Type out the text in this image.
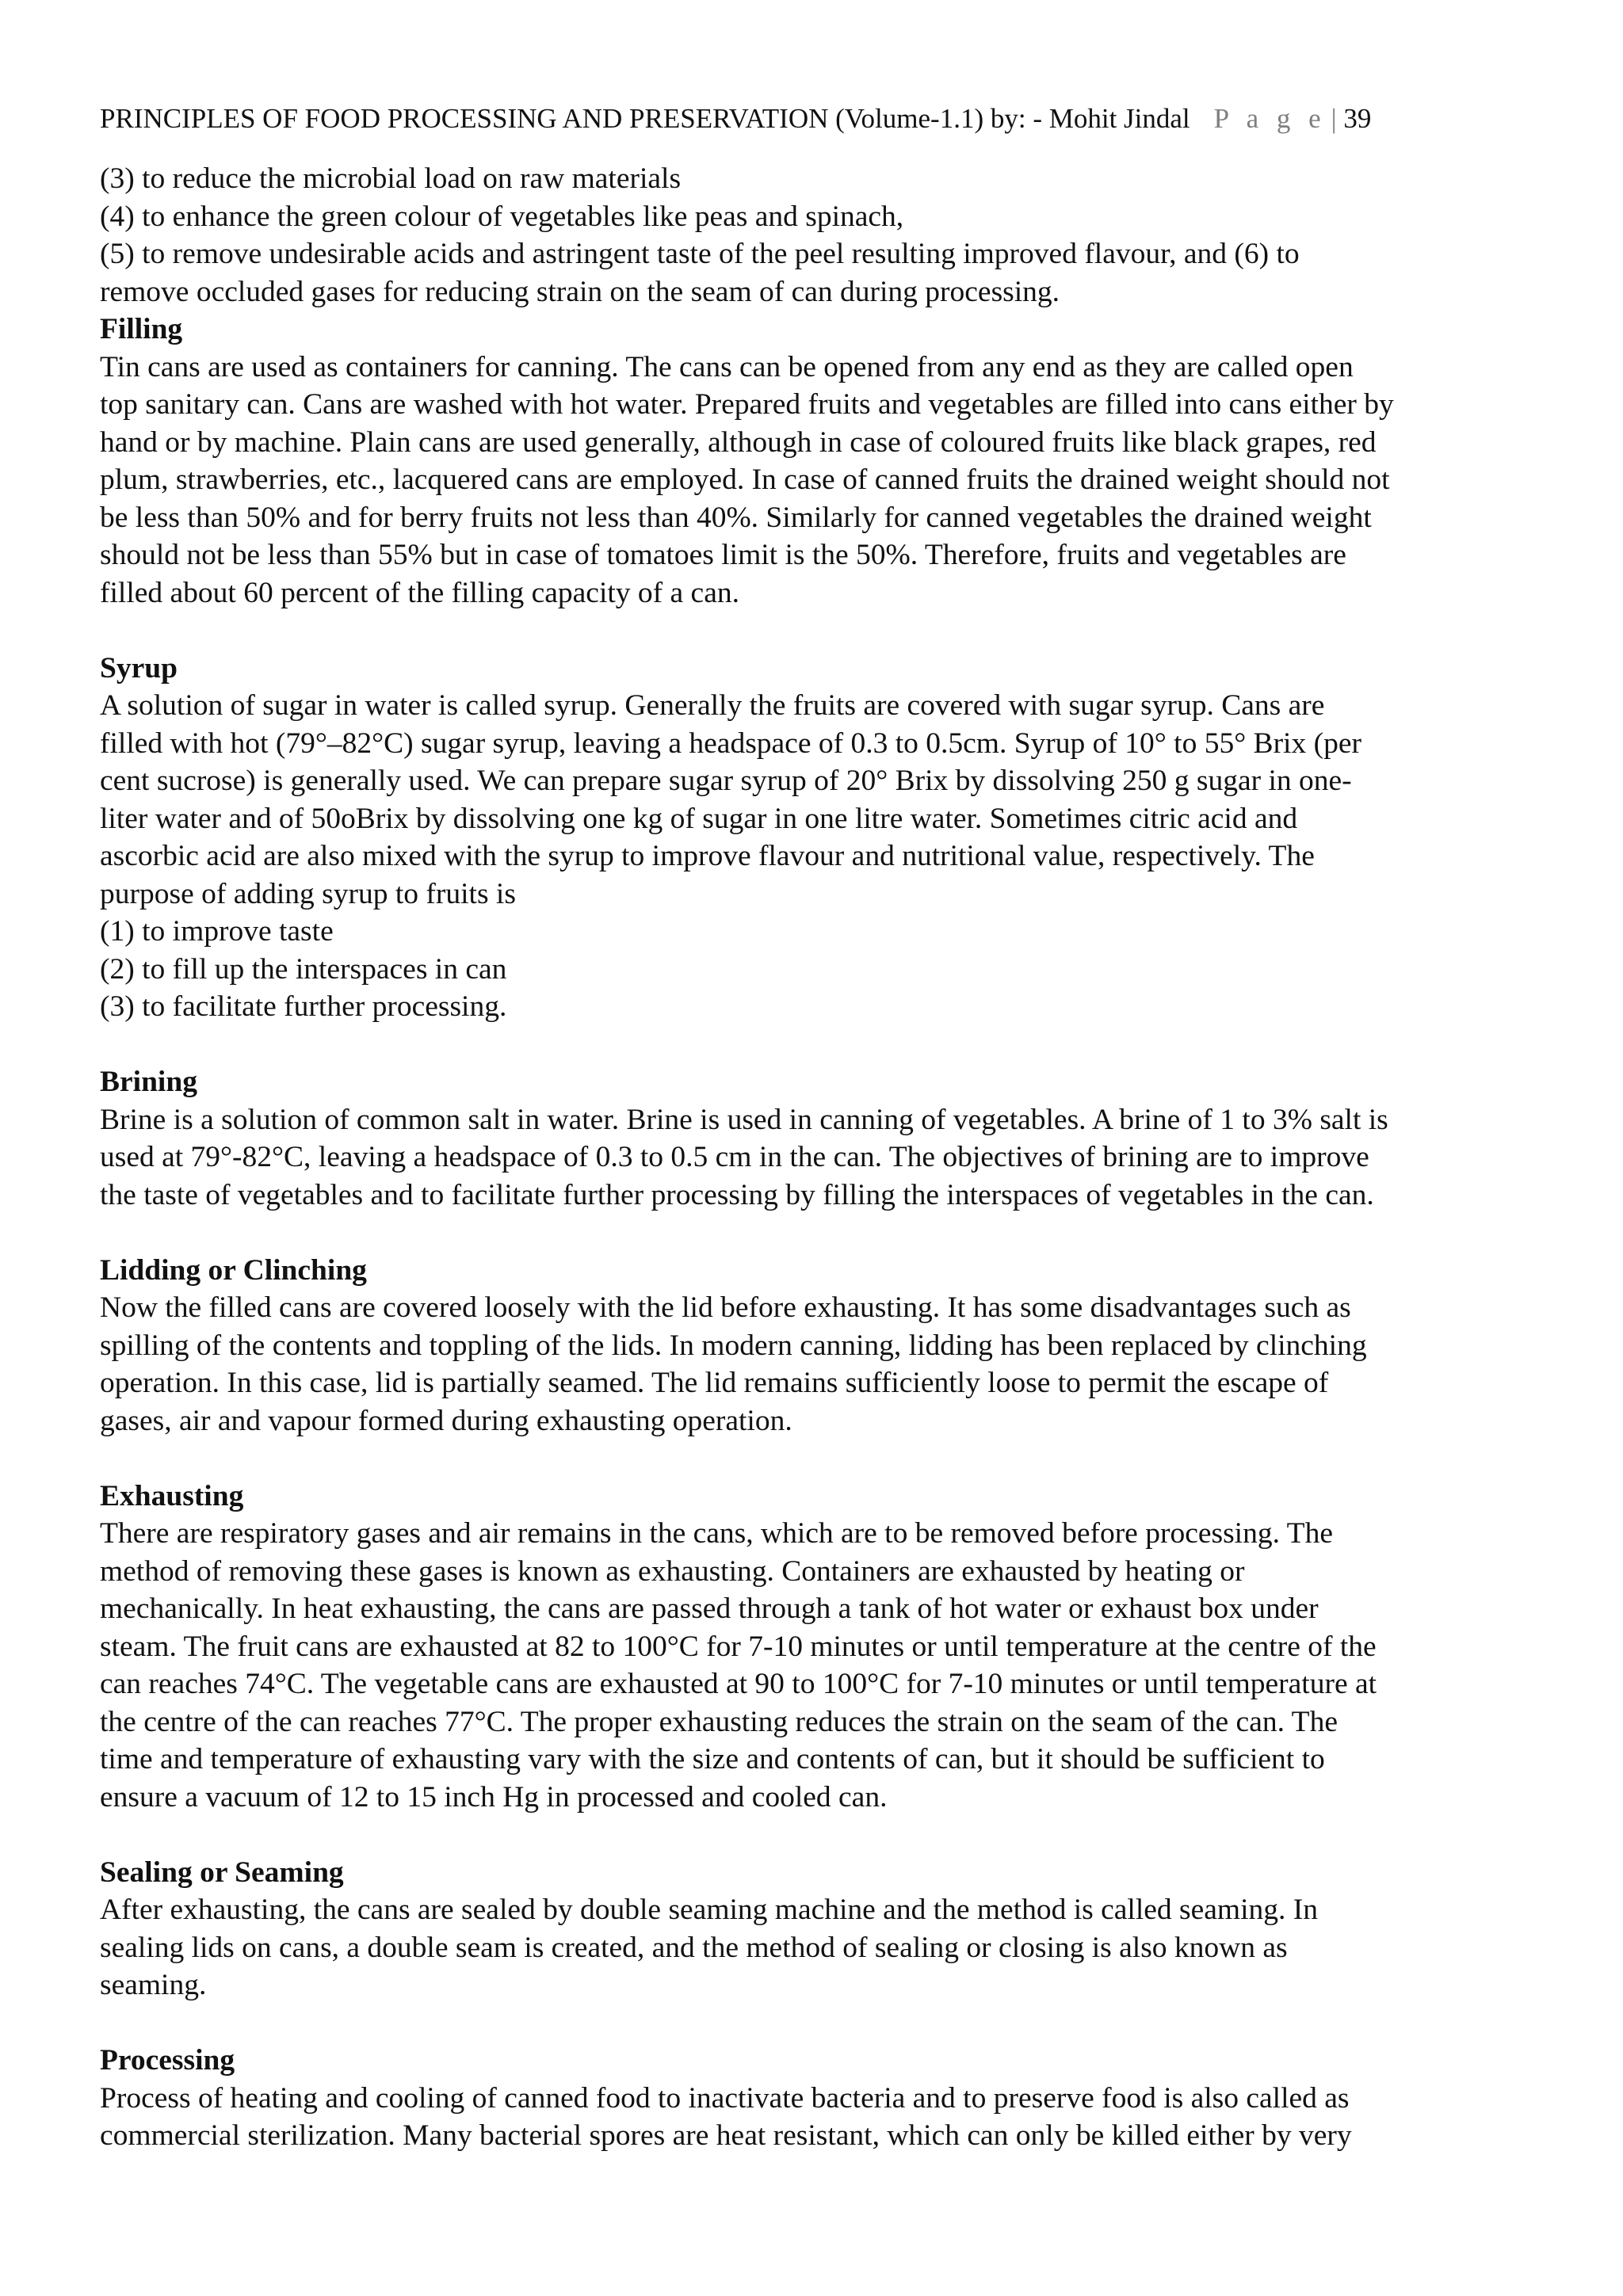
PRINCIPLES OF FOOD PROCESSING AND PRESERVATION (Volume-1.1) by: - Mohit Jindal P a g e | 39
(3) to reduce the microbial load on raw materials
(4) to enhance the green colour of vegetables like peas and spinach,
(5) to remove undesirable acids and astringent taste of the peel resulting improved flavour, and (6) to
remove occluded gases for reducing strain on the seam of can during processing.
Filling
Tin cans are used as containers for canning. The cans can be opened from any end as they are called open
top sanitary can. Cans are washed with hot water. Prepared fruits and vegetables are filled into cans either by
hand or by machine. Plain cans are used generally, although in case of coloured fruits like black grapes, red
plum, strawberries, etc., lacquered cans are employed. In case of canned fruits the drained weight should not
be less than 50% and for berry fruits not less than 40%. Similarly for canned vegetables the drained weight
should not be less than 55% but in case of tomatoes limit is the 50%. Therefore, fruits and vegetables are
filled about 60 percent of the filling capacity of a can.
Syrup
A solution of sugar in water is called syrup. Generally the fruits are covered with sugar syrup. Cans are
filled with hot (79°–82°C) sugar syrup, leaving a headspace of 0.3 to 0.5cm. Syrup of 10° to 55° Brix (per
cent sucrose) is generally used. We can prepare sugar syrup of 20° Brix by dissolving 250 g sugar in one-
liter water and of 50oBrix by dissolving one kg of sugar in one litre water. Sometimes citric acid and
ascorbic acid are also mixed with the syrup to improve flavour and nutritional value, respectively. The
purpose of adding syrup to fruits is
(1) to improve taste
(2) to fill up the interspaces in can
(3) to facilitate further processing.
Brining
Brine is a solution of common salt in water. Brine is used in canning of vegetables. A brine of 1 to 3% salt is
used at 79°-82°C, leaving a headspace of 0.3 to 0.5 cm in the can. The objectives of brining are to improve
the taste of vegetables and to facilitate further processing by filling the interspaces of vegetables in the can.
Lidding or Clinching
Now the filled cans are covered loosely with the lid before exhausting. It has some disadvantages such as
spilling of the contents and toppling of the lids. In modern canning, lidding has been replaced by clinching
operation. In this case, lid is partially seamed. The lid remains sufficiently loose to permit the escape of
gases, air and vapour formed during exhausting operation.
Exhausting
There are respiratory gases and air remains in the cans, which are to be removed before processing. The
method of removing these gases is known as exhausting. Containers are exhausted by heating or
mechanically. In heat exhausting, the cans are passed through a tank of hot water or exhaust box under
steam. The fruit cans are exhausted at 82 to 100°C for 7-10 minutes or until temperature at the centre of the
can reaches 74°C. The vegetable cans are exhausted at 90 to 100°C for 7-10 minutes or until temperature at
the centre of the can reaches 77°C. The proper exhausting reduces the strain on the seam of the can. The
time and temperature of exhausting vary with the size and contents of can, but it should be sufficient to
ensure a vacuum of 12 to 15 inch Hg in processed and cooled can.
Sealing or Seaming
After exhausting, the cans are sealed by double seaming machine and the method is called seaming. In
sealing lids on cans, a double seam is created, and the method of sealing or closing is also known as
seaming.
Processing
Process of heating and cooling of canned food to inactivate bacteria and to preserve food is also called as
commercial sterilization. Many bacterial spores are heat resistant, which can only be killed either by very
